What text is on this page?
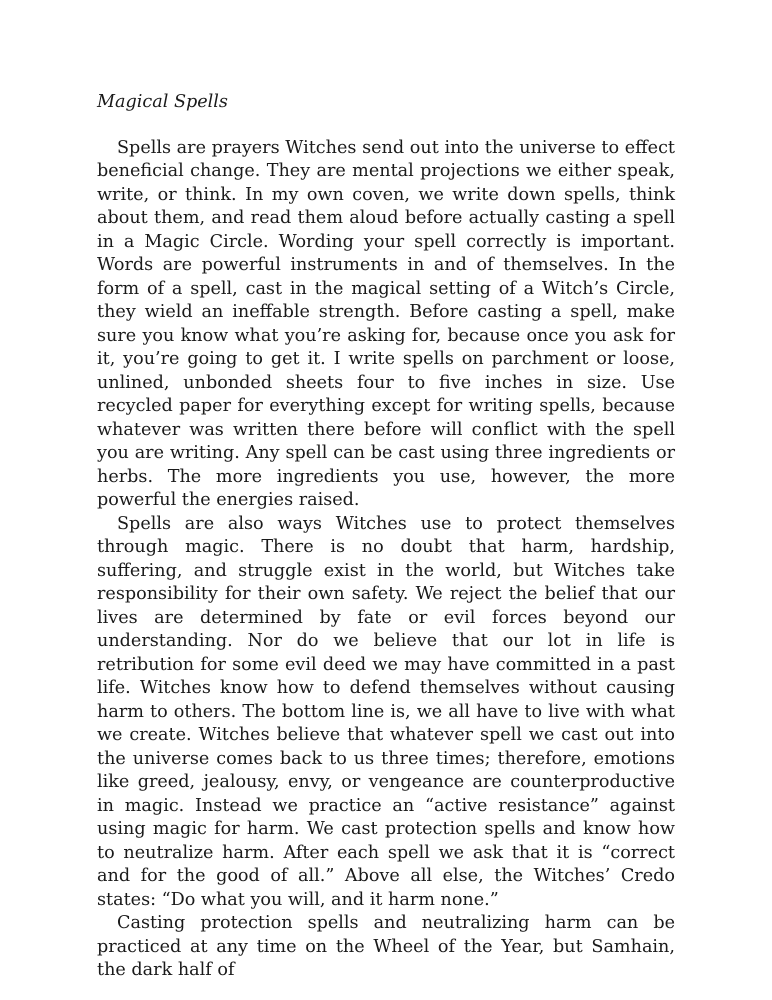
Magical Spells

Spells are prayers Witches send out into the universe to effect beneficial change. They are mental projections we either speak, write, or think. In my own coven, we write down spells, think about them, and read them aloud before actually casting a spell in a Magic Circle. Wording your spell correctly is important. Words are powerful instruments in and of themselves. In the form of a spell, cast in the magical setting of a Witch’s Circle, they wield an ineffable strength. Before casting a spell, make sure you know what you’re asking for, because once you ask for it, you’re going to get it. I write spells on parchment or loose, unlined, unbonded sheets four to five inches in size. Use recycled paper for everything except for writing spells, because whatever was written there before will conflict with the spell you are writing. Any spell can be cast using three ingredients or herbs. The more ingredients you use, however, the more powerful the energies raised.

Spells are also ways Witches use to protect themselves through magic. There is no doubt that harm, hardship, suffering, and struggle exist in the world, but Witches take responsibility for their own safety. We reject the belief that our lives are determined by fate or evil forces beyond our understanding. Nor do we believe that our lot in life is retribution for some evil deed we may have committed in a past life. Witches know how to defend themselves without causing harm to others. The bottom line is, we all have to live with what we create. Witches believe that whatever spell we cast out into the universe comes back to us three times; therefore, emotions like greed, jealousy, envy, or vengeance are counterproductive in magic. Instead we practice an “active resistance” against using magic for harm. We cast protection spells and know how to neutralize harm. After each spell we ask that it is “correct and for the good of all.” Above all else, the Witches’ Credo states: “Do what you will, and it harm none.”

Casting protection spells and neutralizing harm can be practiced at any time on the Wheel of the Year, but Samhain, the dark half of
